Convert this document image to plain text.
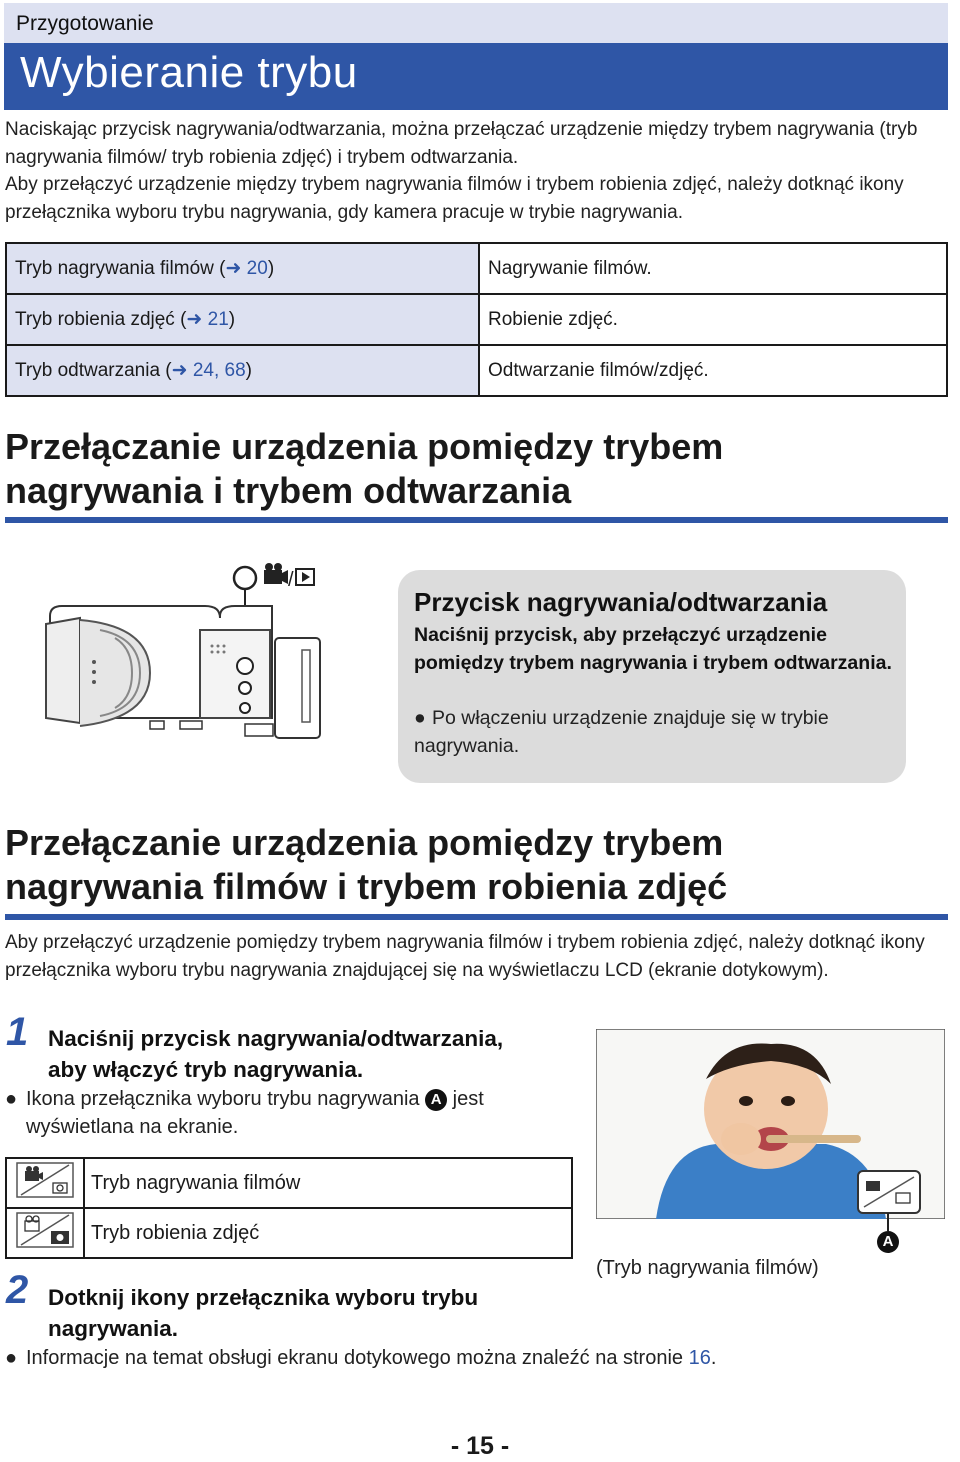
Przygotowanie
Wybieranie trybu

Naciskając przycisk nagrywania/odtwarzania, można przełączać urządzenie między trybem nagrywania (tryb nagrywania filmów/ tryb robienia zdjęć) i trybem odtwarzania.

Aby przełączyć urządzenie między trybem nagrywania filmów i trybem robienia zdjęć, należy dotknąć ikony przełącznika wyboru trybu nagrywania, gdy kamera pracuje w trybie nagrywania.

Tryb nagrywania filmów (➜ 20)	Nagrywanie filmów.
Tryb robienia zdjęć (➜ 21)	Robienie zdjęć.
Tryb odtwarzania (➜ 24, 68)	Odtwarzanie filmów/zdjęć.
Przełączanie urządzenia pomiędzy trybem
nagrywania i trybem odtwarzania
/
Przycisk nagrywania/odtwarzania
Naciśnij przycisk, aby przełączyć urządzenie pomiędzy trybem nagrywania i trybem odtwarzania.
● Po włączeniu urządzenie znajduje się w trybie nagrywania.
Przełączanie urządzenia pomiędzy trybem
nagrywania filmów i trybem robienia zdjęć
Aby przełączyć urządzenie pomiędzy trybem nagrywania filmów i trybem robienia zdjęć, należy dotknąć ikony przełącznika wyboru trybu nagrywania znajdującej się na wyświetlaczu LCD (ekranie dotykowym).
1 Naciśnij przycisk nagrywania/odtwarzania,
aby włączyć tryb nagrywania.
● Ikona przełącznika wyboru trybu nagrywania A jest
wyświetlana na ekranie.
	Tryb nagrywania filmów
	Tryb robienia zdjęć	A
(Tryb nagrywania filmów)
2 Dotknij ikony przełącznika wyboru trybu
nagrywania.
● Informacje na temat obsługi ekranu dotykowego można znaleźć na stronie 16.
- 15 -
